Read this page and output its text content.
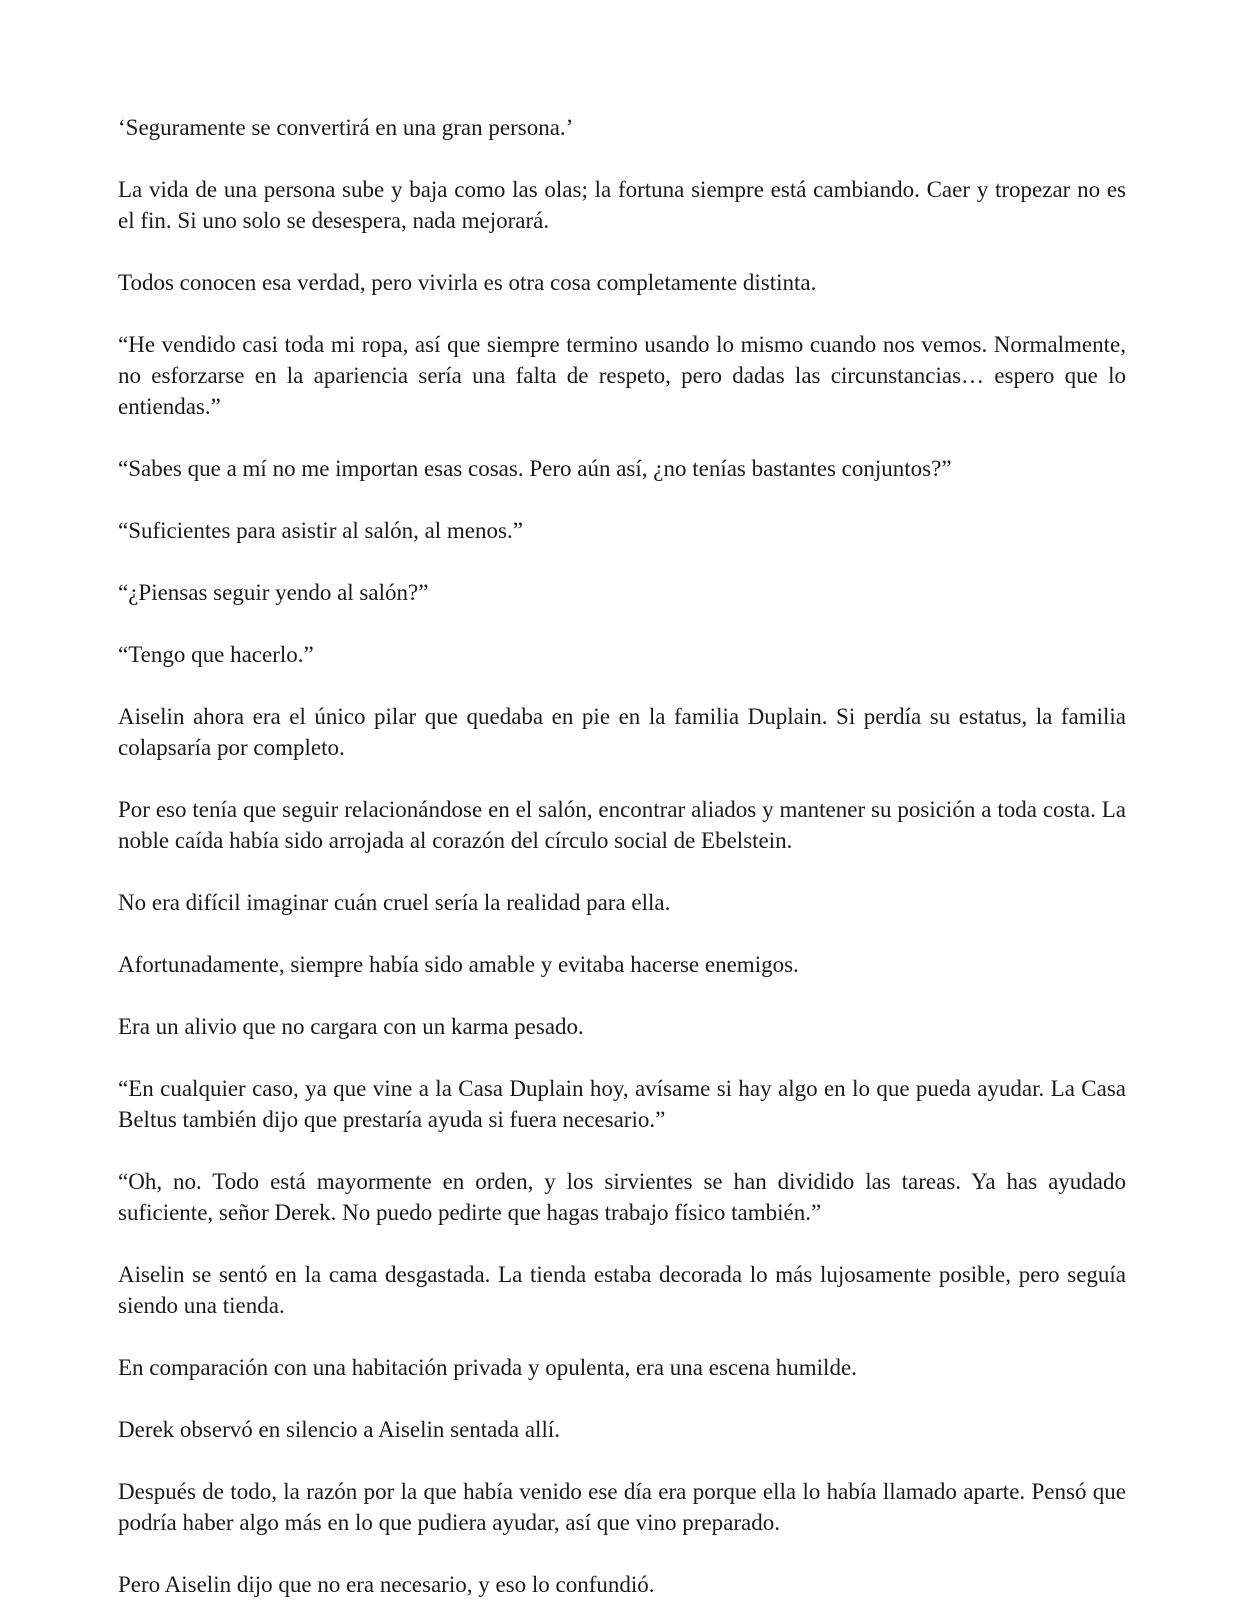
‘Seguramente se convertirá en una gran persona.’

La vida de una persona sube y baja como las olas; la fortuna siempre está cambiando. Caer y tropezar no es el fin. Si uno solo se desespera, nada mejorará.

Todos conocen esa verdad, pero vivirla es otra cosa completamente distinta.

“He vendido casi toda mi ropa, así que siempre termino usando lo mismo cuando nos vemos. Normalmente, no esforzarse en la apariencia sería una falta de respeto, pero dadas las circunstancias… espero que lo entiendas.”

“Sabes que a mí no me importan esas cosas. Pero aún así, ¿no tenías bastantes conjuntos?”

“Suficientes para asistir al salón, al menos.”

“¿Piensas seguir yendo al salón?”

“Tengo que hacerlo.”

Aiselin ahora era el único pilar que quedaba en pie en la familia Duplain. Si perdía su estatus, la familia colapsaría por completo.

Por eso tenía que seguir relacionándose en el salón, encontrar aliados y mantener su posición a toda costa. La noble caída había sido arrojada al corazón del círculo social de Ebelstein.

No era difícil imaginar cuán cruel sería la realidad para ella.

Afortunadamente, siempre había sido amable y evitaba hacerse enemigos.

Era un alivio que no cargara con un karma pesado.

“En cualquier caso, ya que vine a la Casa Duplain hoy, avísame si hay algo en lo que pueda ayudar. La Casa Beltus también dijo que prestaría ayuda si fuera necesario.”

“Oh, no. Todo está mayormente en orden, y los sirvientes se han dividido las tareas. Ya has ayudado suficiente, señor Derek. No puedo pedirte que hagas trabajo físico también.”

Aiselin se sentó en la cama desgastada. La tienda estaba decorada lo más lujosamente posible, pero seguía siendo una tienda.

En comparación con una habitación privada y opulenta, era una escena humilde.

Derek observó en silencio a Aiselin sentada allí.

Después de todo, la razón por la que había venido ese día era porque ella lo había llamado aparte. Pensó que podría haber algo más en lo que pudiera ayudar, así que vino preparado.

Pero Aiselin dijo que no era necesario, y eso lo confundió.
